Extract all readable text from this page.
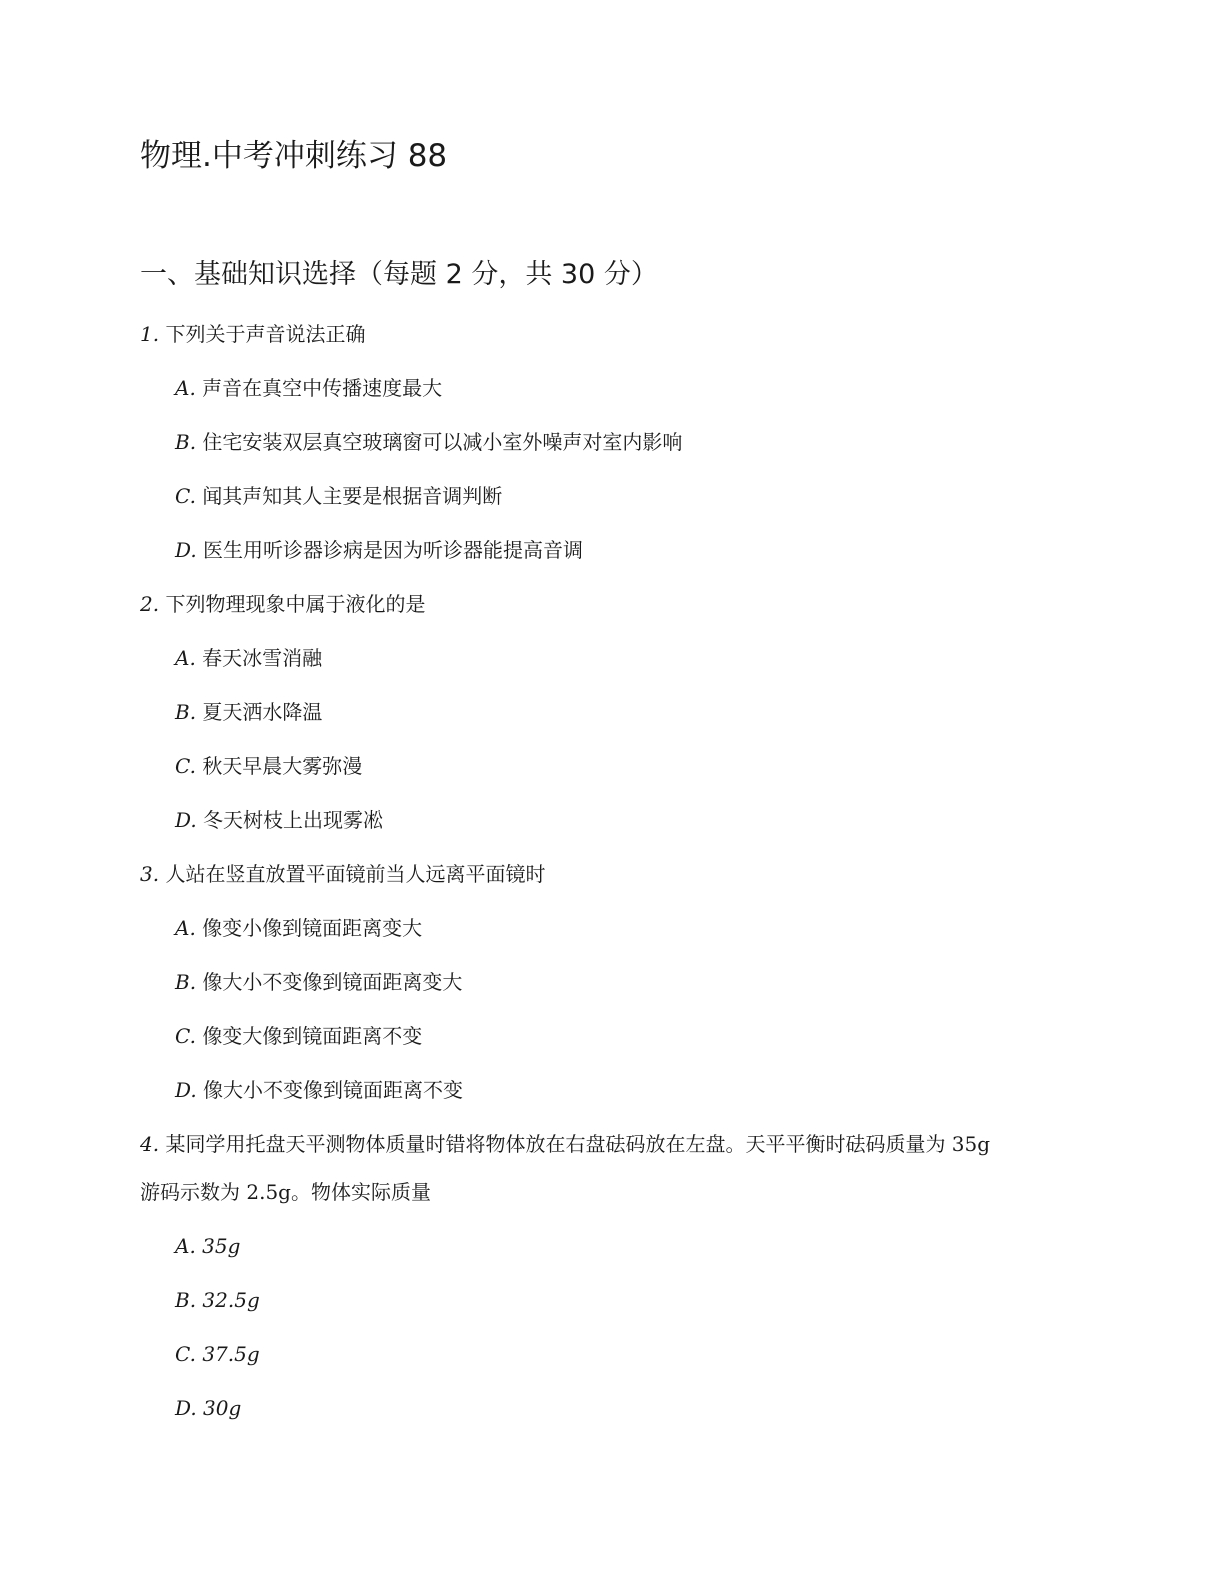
物理.中考冲刺练习 88
一、基础知识选择（每题 2 分，共 30 分）
1. 下列关于声音说法正确
A. 声音在真空中传播速度最大
B. 住宅安装双层真空玻璃窗可以减小室外噪声对室内影响
C. 闻其声知其人主要是根据音调判断
D. 医生用听诊器诊病是因为听诊器能提高音调
2. 下列物理现象中属于液化的是
A. 春天冰雪消融
B. 夏天洒水降温
C. 秋天早晨大雾弥漫
D. 冬天树枝上出现雾凇
3. 人站在竖直放置平面镜前当人远离平面镜时
A. 像变小像到镜面距离变大
B. 像大小不变像到镜面距离变大
C. 像变大像到镜面距离不变
D. 像大小不变像到镜面距离不变
4. 某同学用托盘天平测物体质量时错将物体放在右盘砝码放在左盘。天平平衡时砝码质量为 35g
游码示数为 2.5g。物体实际质量
A. 35g
B. 32.5g
C. 37.5g
D. 30g
